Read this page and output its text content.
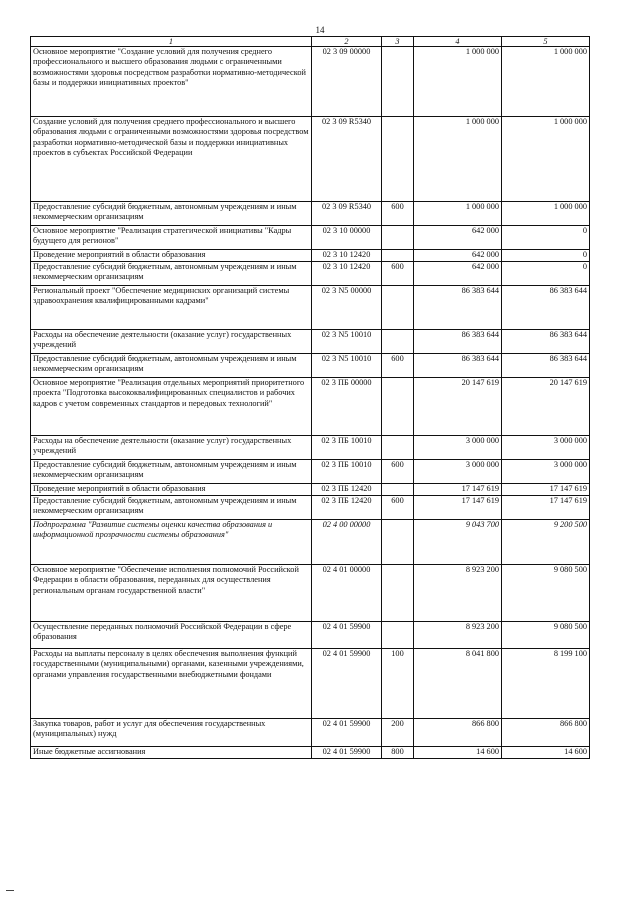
14
1	2	3	4	5
Основное мероприятие "Создание условий для получения среднего профессионального и высшего образования людьми с ограниченными возможностями здоровья посредством разработки нормативно-методической базы и поддержки инициативных проектов"	02 3 09 00000		1 000 000	1 000 000
Создание условий для получения среднего профессионального и высшего образования людьми с ограниченными возможностями здоровья посредством разработки нормативно-методической базы и поддержки инициативных проектов в субъектах Российской Федерации	02 3 09 R5340		1 000 000	1 000 000
Предоставление субсидий бюджетным, автономным учреждениям и иным некоммерческим организациям	02 3 09 R5340	600	1 000 000	1 000 000
Основное мероприятие "Реализация стратегической инициативы "Кадры будущего для регионов"	02 3 10 00000		642 000	0
Проведение мероприятий в области образования	02 3 10 12420		642 000	0
Предоставление субсидий бюджетным, автономным учреждениям и иным некоммерческим организациям	02 3 10 12420	600	642 000	0
Региональный проект "Обеспечение медицинских организаций системы здравоохранения квалифицированными кадрами"	02 3 N5 00000		86 383 644	86 383 644
Расходы на обеспечение деятельности (оказание услуг) государственных учреждений	02 3 N5 10010		86 383 644	86 383 644
Предоставление субсидий бюджетным, автономным учреждениям и иным некоммерческим организациям	02 3 N5 10010	600	86 383 644	86 383 644
Основное мероприятие "Реализация отдельных мероприятий приоритетного проекта "Подготовка высококвалифицированных специалистов и рабочих кадров с учетом современных стандартов и передовых технологий"	02 3 ПБ 00000		20 147 619	20 147 619
Расходы на обеспечение деятельности (оказание услуг) государственных учреждений	02 3 ПБ 10010		3 000 000	3 000 000
Предоставление субсидий бюджетным, автономным учреждениям и иным некоммерческим организациям	02 3 ПБ 10010	600	3 000 000	3 000 000
Проведение мероприятий в области образования	02 3 ПБ 12420		17 147 619	17 147 619
Предоставление субсидий бюджетным, автономным учреждениям и иным некоммерческим организациям	02 3 ПБ 12420	600	17 147 619	17 147 619
Подпрограмма "Развитие системы оценки качества образования и информационной прозрачности системы образования"	02 4 00 00000		9 043 700	9 200 500
Основное мероприятие "Обеспечение исполнения полномочий Российской Федерации в области образования, переданных для осуществления региональным органам государственной власти"	02 4 01 00000		8 923 200	9 080 500
Осуществление переданных полномочий Российской Федерации в сфере образования	02 4 01 59900		8 923 200	9 080 500
Расходы на выплаты персоналу в целях обеспечения выполнения функций государственными (муниципальными) органами, казенными учреждениями, органами управления государственными внебюджетными фондами	02 4 01 59900	100	8 041 800	8 199 100
Закупка товаров, работ и услуг для обеспечения государственных (муниципальных) нужд	02 4 01 59900	200	866 800	866 800
Иные бюджетные ассигнования	02 4 01 59900	800	14 600	14 600
